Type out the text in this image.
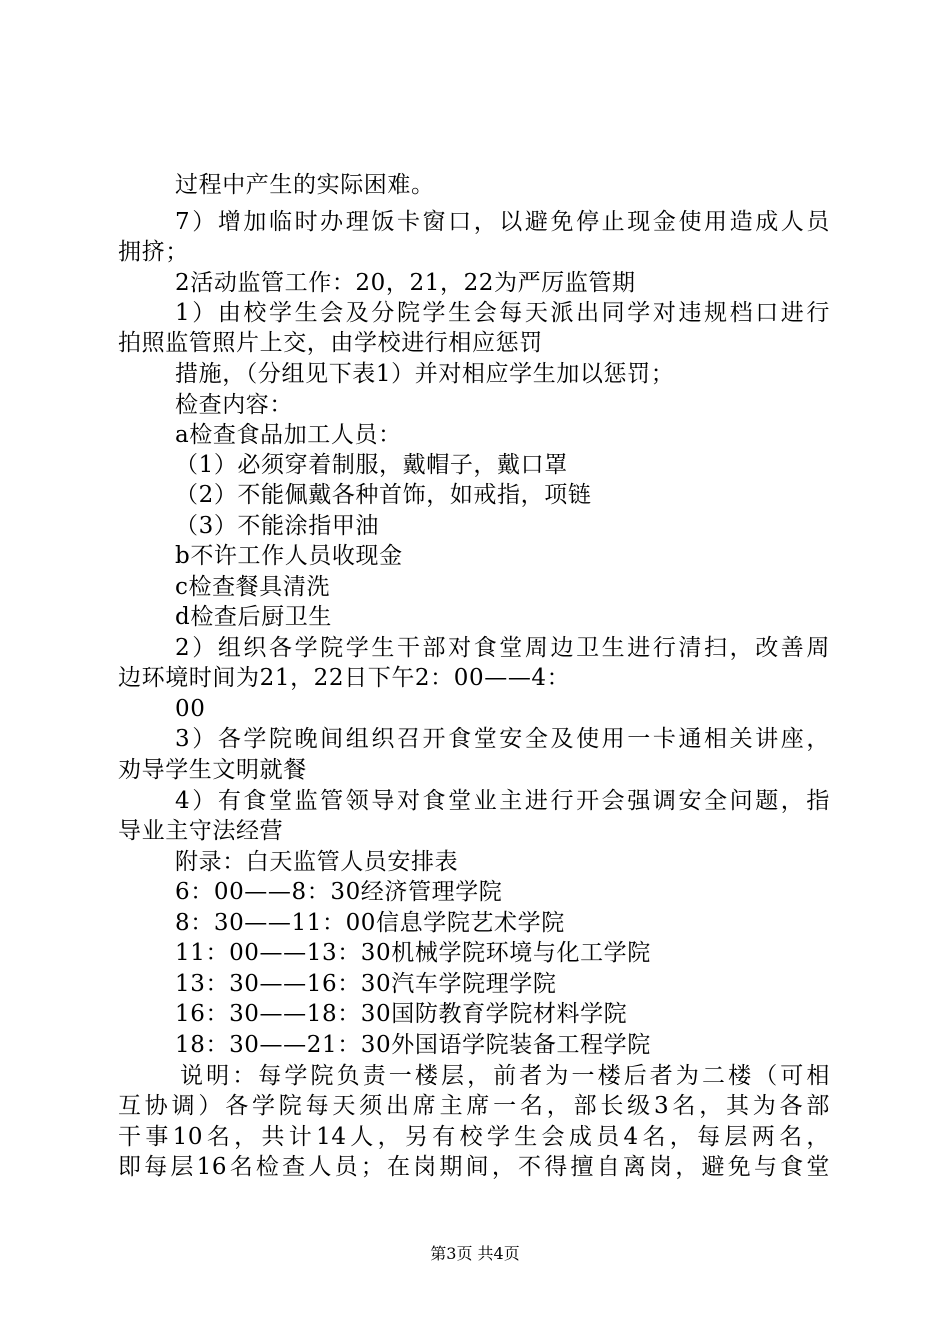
过程中产生的实际困难。
7）增加临时办理饭卡窗口，以避免停止现金使用造成人员
拥挤；
2活动监管工作：20，21，22为严厉监管期
1）由校学生会及分院学生会每天派出同学对违规档口进行
拍照监管照片上交，由学校进行相应惩罚
措施，（分组见下表1）并对相应学生加以惩罚；
检查内容：
a检查食品加工人员：
（1）必须穿着制服，戴帽子，戴口罩
（2）不能佩戴各种首饰，如戒指，项链
（3）不能涂指甲油
b不许工作人员收现金
c检查餐具清洗
d检查后厨卫生
2）组织各学院学生干部对食堂周边卫生进行清扫，改善周
边环境时间为21，22日下午2：00——4：
00
3）各学院晚间组织召开食堂安全及使用一卡通相关讲座，
劝导学生文明就餐
4）有食堂监管领导对食堂业主进行开会强调安全问题，指
导业主守法经营
附录：白天监管人员安排表
6：00——8：30经济管理学院
8：30——11：00信息学院艺术学院
11：00——13：30机械学院环境与化工学院
13：30——16：30汽车学院理学院
16：30——18：30国防教育学院材料学院
18：30——21：30外国语学院装备工程学院
说明：每学院负责一楼层，前者为一楼后者为二楼（可相
互协调）各学院每天须出席主席一名，部长级3名，其为各部
干事10名，共计14人，另有校学生会成员4名，每层两名，
即每层16名检查人员；在岗期间，不得擅自离岗，避免与食堂
第3页 共4页
